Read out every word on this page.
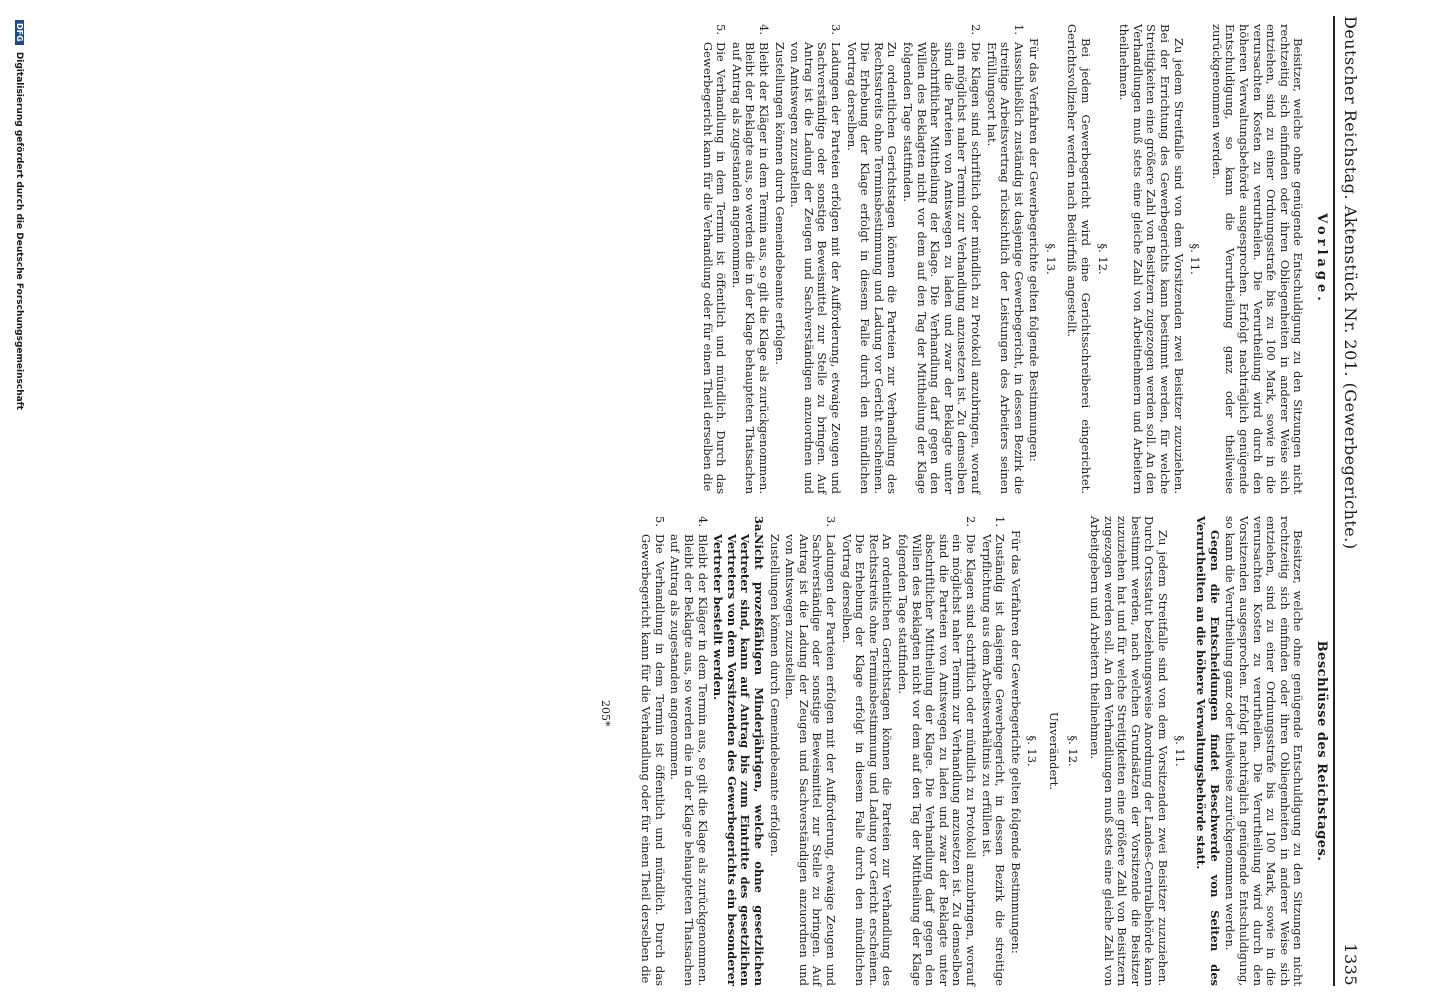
Deutscher Reichstag. Aktenstück Nr. 201. (Gewerbegerichte.)
1335
Vorlage.

Beisitzer, welche ohne genügende Entschuldigung zu den Sitzungen nicht rechtzeitig sich einfinden oder ihren Obliegenheiten in anderer Weise sich entziehen, sind zu einer Ordnungsstrafe bis zu 100 Mark, sowie in die verursachten Kosten zu verurtheilen. Die Verurtheilung wird durch den höheren Verwaltungsbehörde ausgesprochen. Erfolgt nachträglich genügende Entschuldigung, so kann die Verurtheilung ganz oder theilweise zurückgenommen werden.

§. 11.

Zu jedem Streitfalle sind von dem Vorsitzenden zwei Beisitzer zuzuziehen. Bei der Errichtung des Gewerbegerichts kann bestimmt werden, für welche Streitigkeiten eine größere Zahl von Beisitzern zugezogen werden soll. An den Verhandlungen muß stets eine gleiche Zahl von Arbeitnehmern und Arbeitern theilnehmen.

§. 12.

Bei jedem Gewerbegericht wird eine Gerichtsschreiberei eingerichtet. Gerichtsvollzieher werden nach Bedürfniß angestellt.

§. 13.

Für das Verfahren der Gewerbegerichte gelten folgende Bestimmungen:

1.
Ausschließlich zuständig ist dasjenige Gewerbegericht, in dessen Bezirk die streitige Arbeitsvertrag rücksichtlich der Leistungen des Arbeiters seinen Erfüllungsort hat.

2.
Die Klagen sind schriftlich oder mündlich zu Protokoll anzubringen, worauf ein möglichst naher Termin zur Verhandlung anzusetzen ist. Zu demselben sind die Parteien von Amtswegen zu laden und zwar der Beklagte unter abschriftlicher Mittheilung der Klage. Die Verhandlung darf gegen den Willen des Beklagten nicht vor dem auf den Tag der Mittheilung der Klage folgenden Tage stattfinden.

Zu ordentlichen Gerichtstagen können die Parteien zur Verhandlung des Rechtsstreits ohne Terminsbestimmung und Ladung vor Gericht erscheinen. Die Erhebung der Klage erfolgt in diesem Falle durch den mündlichen Vortrag derselben.

3.
Ladungen der Parteien erfolgen mit der Aufforderung, etwaige Zeugen und Sachverständige oder sonstige Beweismittel zur Stelle zu bringen. Auf Antrag ist die Ladung der Zeugen und Sachverständigen anzuordnen und von Amtswegen zuzustellen.

Zustellungen können durch Gemeindebeamte erfolgen.

4.
Bleibt der Kläger in dem Termin aus, so gilt die Klage als zurückgenommen. Bleibt der Beklagte aus, so werden die in der Klage behaupteten Thatsachen auf Antrag als zugestanden angenommen.

5.
Die Verhandlung in dem Termin ist öffentlich und mündlich. Durch das Gewerbegericht kann für die Verhandlung oder für einen Theil derselben die

Beschlüsse des Reichstages.

Beisitzer, welche ohne genügende Entschuldigung zu den Sitzungen nicht rechtzeitig sich einfinden oder ihren Obliegenheiten in anderer Weise sich entziehen, sind zu einer Ordnungsstrafe bis zu 100 Mark, sowie in die verursachten Kosten zu verurtheilen. Die Verurtheilung wird durch den Vorsitzenden ausgesprochen. Erfolgt nachträglich genügende Entschuldigung, so kann die Verurtheilung ganz oder theilweise zurückgenommen werden.

Gegen die Entscheidungen findet Beschwerde von Seiten des Verurtheilten an die höhere Verwaltungsbehörde statt.

§. 11.

Zu jedem Streitfalle sind von dem Vorsitzenden zwei Beisitzer zuzuziehen. Durch Ortsstatut beziehungsweise Anordnung der Landes-Centralbehörde kann bestimmt werden, nach welchen Grundsätzen der Vorsitzende die Beisitzer zuzuziehen hat und für welche Streitigkeiten eine größere Zahl von Beisitzern zugezogen werden soll. An den Verhandlungen muß stets eine gleiche Zahl von Arbeitgebern und Arbeitern theilnehmen.

§. 12.

Unverändert.

§. 13.

Für das Verfahren der Gewerbegerichte gelten folgende Bestimmungen:

1.
Zuständig ist dasjenige Gewerbegericht, in dessen Bezirk die streitige Verpflichtung aus dem Arbeitsverhältnis zu erfüllen ist.

2.
Die Klagen sind schriftlich oder mündlich zu Protokoll anzubringen, worauf ein möglichst naher Termin zur Verhandlung anzusetzen ist. Zu demselben sind die Parteien von Amtswegen zu laden und zwar der Beklagte unter abschriftlicher Mittheilung der Klage. Die Verhandlung darf gegen den Willen des Beklagten nicht vor dem auf den Tag der Mittheilung der Klage folgenden Tage stattfinden.

An ordentlichen Gerichtstagen können die Parteien zur Verhandlung des Rechtsstreits ohne Terminsbestimmung und Ladung vor Gericht erscheinen. Die Erhebung der Klage erfolgt in diesem Falle durch den mündlichen Vortrag derselben.

3.
Ladungen der Parteien erfolgen mit der Aufforderung, etwaige Zeugen und Sachverständige oder sonstige Beweismittel zur Stelle zu bringen. Auf Antrag ist die Ladung der Zeugen und Sachverständigen anzuordnen und von Amtswegen zuzustellen.

Zustellungen können durch Gemeindebeamte erfolgen.

3a.
Nicht prozeßfähigen Minderjährigen, welche ohne gesetzlichen Vertreter sind, kann auf Antrag bis zum Eintritte des gesetzlichen Vertreters von dem Vorsitzenden des Gewerbegerichts ein besonderer Vertreter bestellt werden.

4.
Bleibt der Kläger in dem Termin aus, so gilt die Klage als zurückgenommen. Bleibt der Beklagte aus, so werden die in der Klage behaupteten Thatsachen auf Antrag als zugestanden angenommen.

5.
Die Verhandlung in dem Termin ist öffentlich und mündlich. Durch das Gewerbegericht kann für die Verhandlung oder für einen Theil derselben die

205*
DFG Digitalisierung gefördert durch die Deutsche Forschungsgemeinschaft
